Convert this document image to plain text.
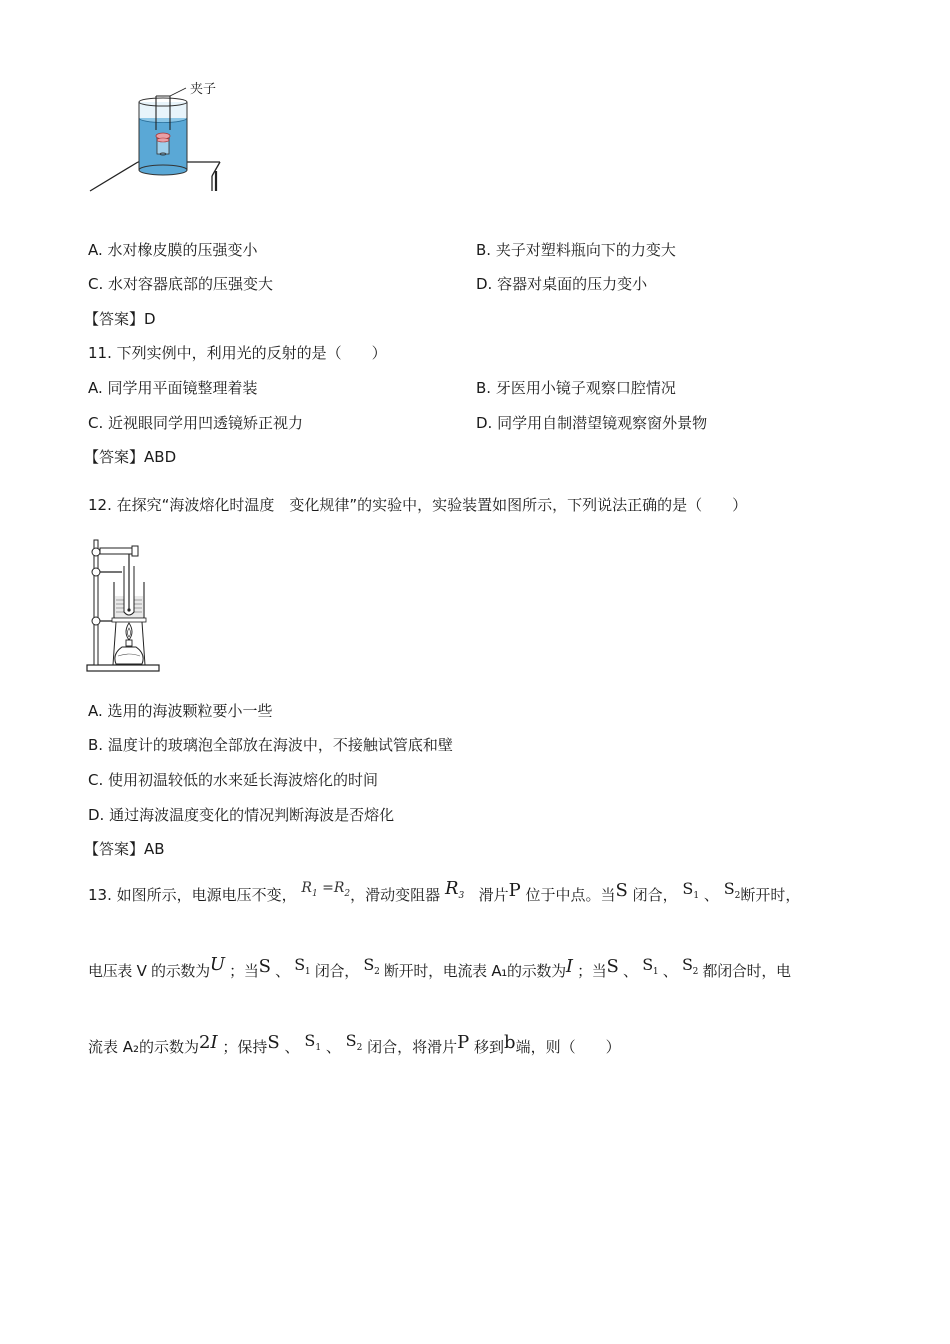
夹子
A. 水对橡皮膜的压强变小	B. 夹子对塑料瓶向下的力变大
C. 水对容器底部的压强变大	D. 容器对桌面的压力变小
【答案】D
11. 下列实例中，利用光的反射的是（　　）
A. 同学用平面镜整理着装	B. 牙医用小镜子观察口腔情况
C. 近视眼同学用凹透镜矫正视力	D. 同学用自制潜望镜观察窗外景物
【答案】ABD
12. 在探究“海波熔化时温度　变化规律”的实验中，实验装置如图所示，下列说法正确的是（　　）
A. 选用的海波颗粒要小一些
B. 温度计的玻璃泡全部放在海波中，不接触试管底和壁
C. 使用初温较低的水来延长海波熔化的时间
D. 通过海波温度变化的情况判断海波是否熔化
【答案】AB
13. 如图所示，电源电压不变， $R_1 =R_2$，滑动变阻器 $R_3$ 滑片P 位于中点。当S 闭合， $S_1$ 、 $S_2$断开时，
电压表 V 的示数为U ；当S 、 $S_1$ 闭合， $S_2$ 断开时，电流表 A₁的示数为I ；当S 、 $S_1$ 、 $S_2$ 都闭合时，电
流表 A₂的示数为2I ；保持S 、 $S_1$ 、 $S_2$ 闭合，将滑片P 移到b端，则（　　）
